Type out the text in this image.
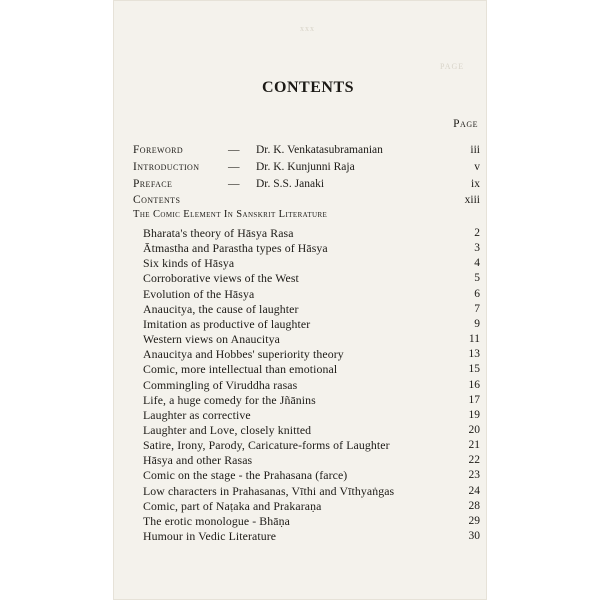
xxx
PAGE
CONTENTS
Page
Foreword	— Dr. K. Venkatasubramanian	iii
Introduction — Dr. K. Kunjunni Raja	v
Preface	— Dr. S.S. Janaki	ix
Contents	xiii
The Comic Element In Sanskrit Literature
Bharata's theory of Hāsya Rasa	2
Ātmastha and Parastha types of Hāsya	3
Six kinds of Hāsya	4
Corroborative views of the West	5
Evolution of the Hāsya	6
Anaucitya, the cause of laughter	7
Imitation as productive of laughter	9
Western views on Anaucitya	11
Anaucitya and Hobbes' superiority theory	13
Comic, more intellectual than emotional	15
Commingling of Viruddha rasas	16
Life, a huge comedy for the Jñānins	17
Laughter as corrective	19
Laughter and Love, closely knitted	20
Satire, Irony, Parody, Caricature-forms of Laughter	21
Hāsya and other Rasas	22
Comic on the stage - the Prahasana (farce)	23
Low characters in Prahasanas, Vīthi and Vīthyaṅgas	24
Comic, part of Naṭaka and Prakaraṇa	28
The erotic monologue - Bhāṇa	29
Humour in Vedic Literature	30
